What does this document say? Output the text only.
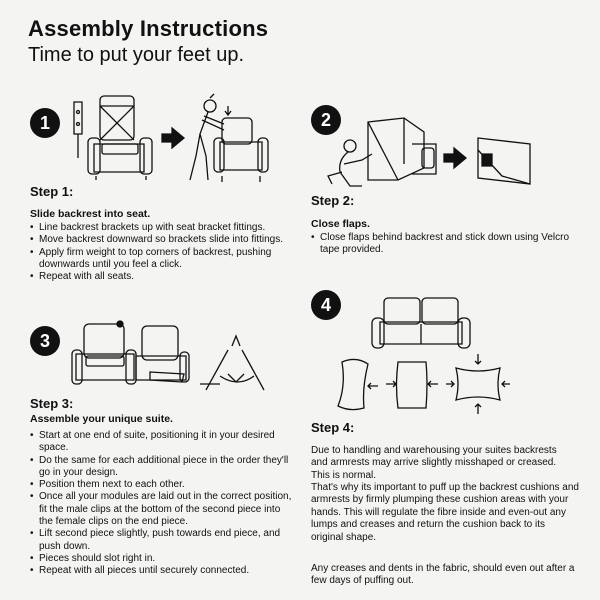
Assembly Instructions
Time to put your feet up.
1
Step 1:
Slide backrest into seat.
• Line backrest brackets up with seat bracket fittings.
• Move backrest downward so brackets slide into fittings.
• Apply firm weight to top corners of backrest, pushing downwards until you feel a click.
• Repeat with all seats.
2
Step 2:
Close flaps.
• Close flaps behind backrest and stick down using Velcro tape provided.
3
Step 3:
Assemble your unique suite.
• Start at one end of suite, positioning it in your desired space.
• Do the same for each additional piece in the order they'll go in your design.
• Position them next to each other.
• Once all your modules are laid out in the correct position, fit the male clips at the bottom of the second piece into the female clips on the end piece.
• Lift second piece slightly, push towards end piece, and push down.
• Pieces should slot right in.
• Repeat with all pieces until securely connected.
4
Step 4:

Due to handling and warehousing your suites backrests and armrests may arrive slightly misshaped or creased. This is normal.

That's why its important to puff up the backrest cushions and armrests by firmly plumping these cushion areas with your hands. This will regulate the fibre inside and even-out any lumps and creases and return the cushion back to its original shape.

Any creases and dents in the fabric, should even out after a few days of puffing out.
